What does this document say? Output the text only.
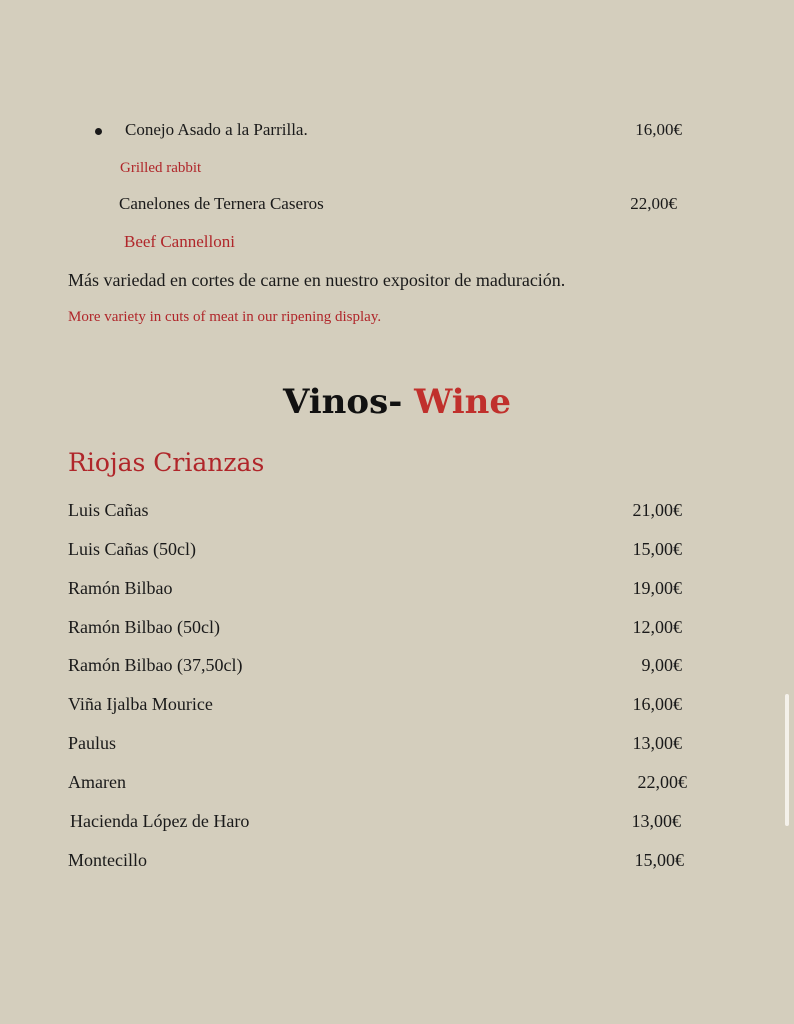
Conejo Asado a la Parrilla.	16,00€
Grilled rabbit
Canelones de Ternera Caseros	22,00€
Beef Cannelloni
Más variedad en cortes de carne en nuestro expositor de maduración.
More variety in cuts of meat in our ripening display.
Vinos- Wine
Riojas Crianzas
Luis Cañas	21,00€
Luis Cañas (50cl)	15,00€
Ramón Bilbao	19,00€
Ramón Bilbao (50cl)	12,00€
Ramón Bilbao (37,50cl)	9,00€
Viña Ijalba Mourice	16,00€
Paulus	13,00€
Amaren	22,00€
Hacienda López de Haro	13,00€
Montecillo	15,00€
